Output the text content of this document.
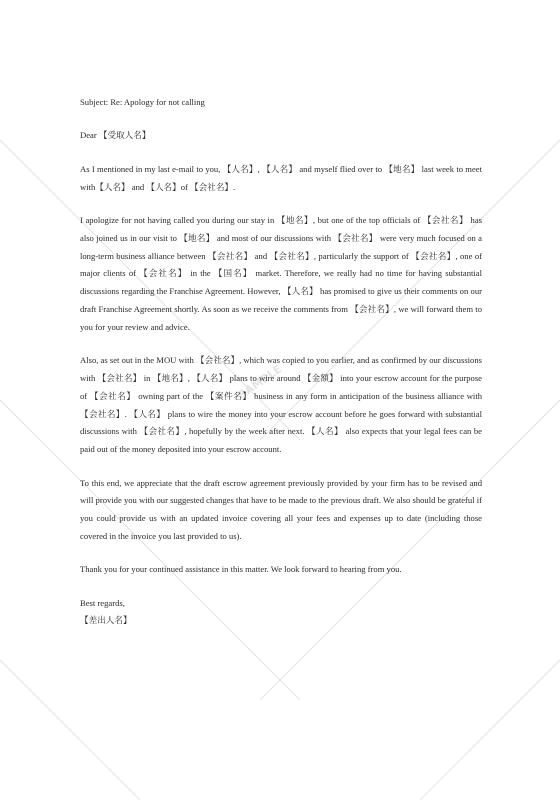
SAMPLE

Subject: Re: Apology for not calling

Dear 【受取人名】

As I mentioned in my last e-mail to you, 【人名】, 【人名】 and myself flied over to 【地名】 last week to meet with【人名】 and 【人名】of 【会社名】.

I apologize for not having called you during our stay in 【地名】, but one of the top officials of 【会社名】 has also joined us in our visit to 【地名】 and most of our discussions with 【会社名】 were very much focused on a long-term business alliance between 【会社名】 and 【会社名】, particularly the support of 【会社名】, one of major clients of 【会社名】 in the 【国名】 market. Therefore, we really had no time for having substantial discussions regarding the Franchise Agreement. However, 【人名】 has promised to give us their comments on our draft Franchise Agreement shortly. As soon as we receive the comments from 【会社名】, we will forward them to you for your review and advice.

Also, as set out in the MOU with 【会社名】, which was copied to you earlier, and as confirmed by our discussions with 【会社名】 in 【地名】, 【人名】 plans to wire around 【金額】 into your escrow account for the purpose of 【会社名】 owning part of the 【案件名】 business in any form in anticipation of the business alliance with 【会社名】. 【人名】 plans to wire the money into your escrow account before he goes forward with substantial discussions with 【会社名】, hopefully by the week after next. 【人名】 also expects that your legal fees can be paid out of the money deposited into your escrow account.

To this end, we appreciate that the draft escrow agreement previously provided by your firm has to be revised and will provide you with our suggested changes that have to be made to the previous draft. We also should be grateful if you could provide us with an updated invoice covering all your fees and expenses up to date (including those covered in the invoice you last provided to us).

Thank you for your continued assistance in this matter. We look forward to hearing from you.

Best regards,

【差出人名】
